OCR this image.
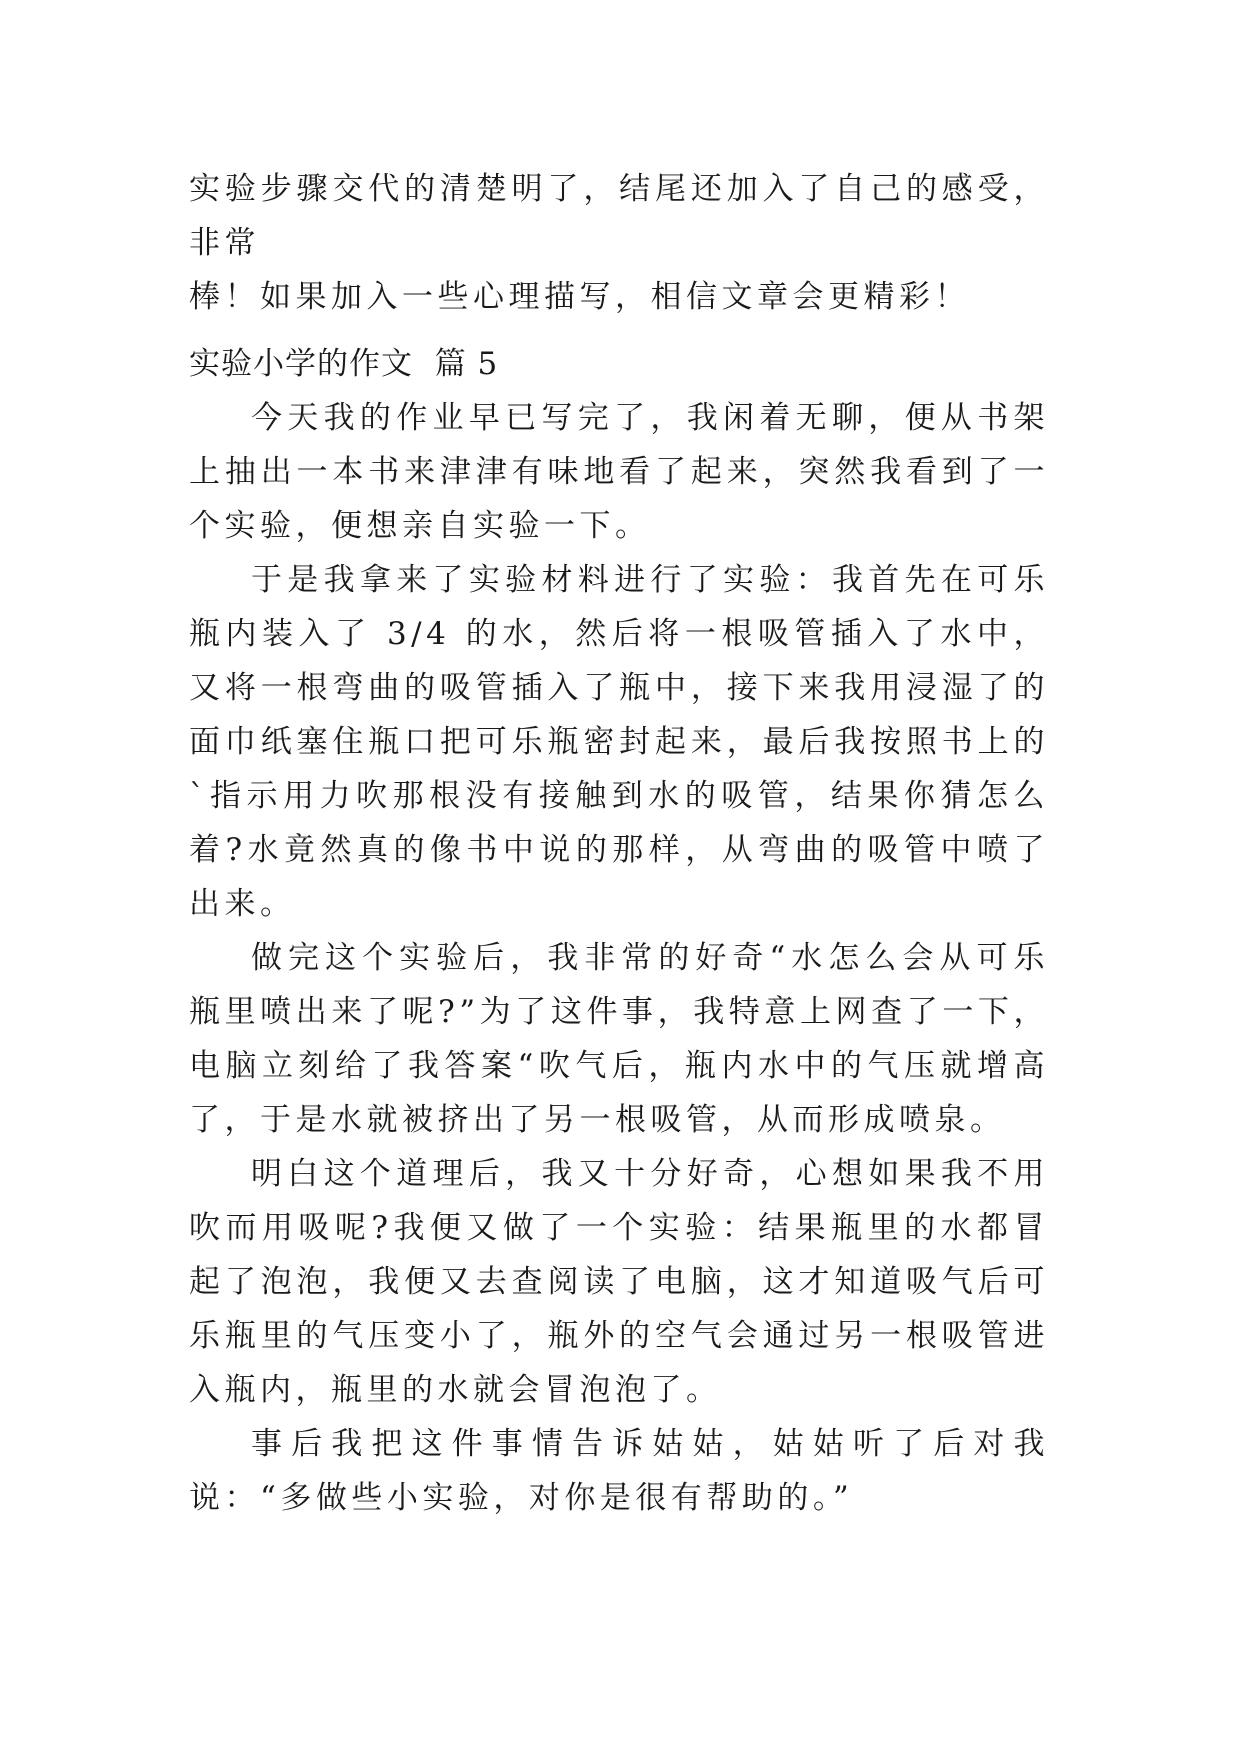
实验步骤交代的清楚明了，结尾还加入了自己的感受，非常

棒！如果加入一些心理描写，相信文章会更精彩！

实验小学的作文  篇 5

今天我的作业早已写完了，我闲着无聊，便从书架上抽出一本书来津津有味地看了起来，突然我看到了一个实验，便想亲自实验一下。

于是我拿来了实验材料进行了实验：我首先在可乐瓶内装入了 3/4 的水，然后将一根吸管插入了水中，又将一根弯曲的吸管插入了瓶中，接下来我用浸湿了的面巾纸塞住瓶口把可乐瓶密封起来，最后我按照书上的`指示用力吹那根没有接触到水的吸管，结果你猜怎么着?水竟然真的像书中说的那样，从弯曲的吸管中喷了出来。

做完这个实验后，我非常的好奇“水怎么会从可乐瓶里喷出来了呢?”为了这件事，我特意上网查了一下，电脑立刻给了我答案“吹气后，瓶内水中的气压就增高了，于是水就被挤出了另一根吸管，从而形成喷泉。

明白这个道理后，我又十分好奇，心想如果我不用吹而用吸呢?我便又做了一个实验：结果瓶里的水都冒起了泡泡，我便又去查阅读了电脑，这才知道吸气后可乐瓶里的气压变小了，瓶外的空气会通过另一根吸管进入瓶内，瓶里的水就会冒泡泡了。

事后我把这件事情告诉姑姑，姑姑听了后对我说：“多做些小实验，对你是很有帮助的。”
